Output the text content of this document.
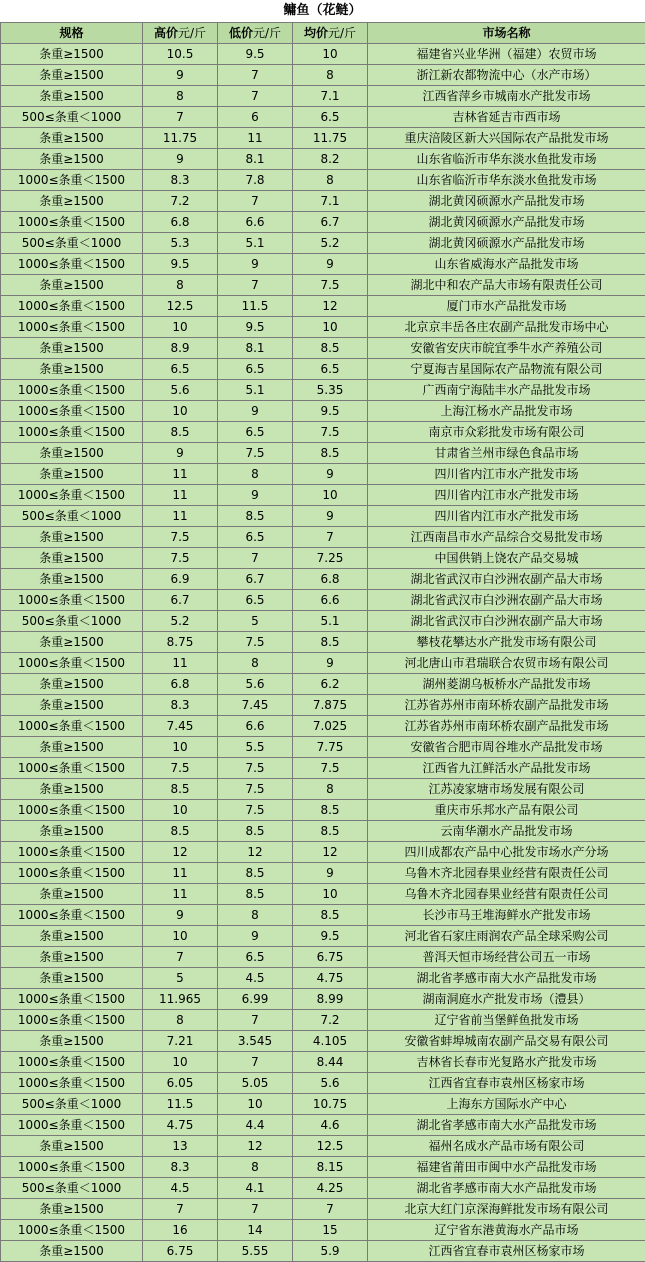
鳙鱼（花鲢）
规格	高价元/斤	低价元/斤	均价元/斤	市场名称
条重≥1500	10.5	9.5	10	福建省兴业华洲（福建）农贸市场
条重≥1500	9	7	8	浙江新农都物流中心（水产市场）
条重≥1500	8	7	7.1	江西省萍乡市城南水产批发市场
500≤条重＜1000	7	6	6.5	吉林省延吉市西市场
条重≥1500	11.75	11	11.75	重庆涪陵区新大兴国际农产品批发市场
条重≥1500	9	8.1	8.2	山东省临沂市华东淡水鱼批发市场
1000≤条重＜1500	8.3	7.8	8	山东省临沂市华东淡水鱼批发市场
条重≥1500	7.2	7	7.1	湖北黄冈硕源水产品批发市场
1000≤条重＜1500	6.8	6.6	6.7	湖北黄冈硕源水产品批发市场
500≤条重＜1000	5.3	5.1	5.2	湖北黄冈硕源水产品批发市场
1000≤条重＜1500	9.5	9	9	山东省威海水产品批发市场
条重≥1500	8	7	7.5	湖北中和农产品大市场有限责任公司
1000≤条重＜1500	12.5	11.5	12	厦门市水产品批发市场
1000≤条重＜1500	10	9.5	10	北京京丰岳各庄农副产品批发市场中心
条重≥1500	8.9	8.1	8.5	安徽省安庆市皖宜季牛水产养殖公司
条重≥1500	6.5	6.5	6.5	宁夏海吉星国际农产品物流有限公司
1000≤条重＜1500	5.6	5.1	5.35	广西南宁海陆丰水产品批发市场
1000≤条重＜1500	10	9	9.5	上海江杨水产品批发市场
1000≤条重＜1500	8.5	6.5	7.5	南京市众彩批发市场有限公司
条重≥1500	9	7.5	8.5	甘肃省兰州市绿色食品市场
条重≥1500	11	8	9	四川省内江市水产批发市场
1000≤条重＜1500	11	9	10	四川省内江市水产批发市场
500≤条重＜1000	11	8.5	9	四川省内江市水产批发市场
条重≥1500	7.5	6.5	7	江西南昌市水产品综合交易批发市场
条重≥1500	7.5	7	7.25	中国供销上饶农产品交易城
条重≥1500	6.9	6.7	6.8	湖北省武汉市白沙洲农副产品大市场
1000≤条重＜1500	6.7	6.5	6.6	湖北省武汉市白沙洲农副产品大市场
500≤条重＜1000	5.2	5	5.1	湖北省武汉市白沙洲农副产品大市场
条重≥1500	8.75	7.5	8.5	攀枝花攀达水产批发市场有限公司
1000≤条重＜1500	11	8	9	河北唐山市君瑞联合农贸市场有限公司
条重≥1500	6.8	5.6	6.2	湖州菱湖乌板桥水产品批发市场
条重≥1500	8.3	7.45	7.875	江苏省苏州市南环桥农副产品批发市场
1000≤条重＜1500	7.45	6.6	7.025	江苏省苏州市南环桥农副产品批发市场
条重≥1500	10	5.5	7.75	安徽省合肥市周谷堆水产品批发市场
1000≤条重＜1500	7.5	7.5	7.5	江西省九江鲜活水产品批发市场
条重≥1500	8.5	7.5	8	江苏凌家塘市场发展有限公司
1000≤条重＜1500	10	7.5	8.5	重庆市乐邦水产品有限公司
条重≥1500	8.5	8.5	8.5	云南华潮水产品批发市场
1000≤条重＜1500	12	12	12	四川成都农产品中心批发市场水产分场
1000≤条重＜1500	11	8.5	9	乌鲁木齐北园春果业经营有限责任公司
条重≥1500	11	8.5	10	乌鲁木齐北园春果业经营有限责任公司
1000≤条重＜1500	9	8	8.5	长沙市马王堆海鲜水产批发市场
条重≥1500	10	9	9.5	河北省石家庄雨润农产品全球采购公司
条重≥1500	7	6.5	6.75	普洱天恒市场经营公司五一市场
条重≥1500	5	4.5	4.75	湖北省孝感市南大水产品批发市场
1000≤条重＜1500	11.965	6.99	8.99	湖南洞庭水产批发市场（澧县）
1000≤条重＜1500	8	7	7.2	辽宁省前当堡鲜鱼批发市场
条重≥1500	7.21	3.545	4.105	安徽省蚌埠城南农副产品交易有限公司
1000≤条重＜1500	10	7	8.44	吉林省长春市光复路水产批发市场
1000≤条重＜1500	6.05	5.05	5.6	江西省宜春市袁州区杨家市场
500≤条重＜1000	11.5	10	10.75	上海东方国际水产中心
1000≤条重＜1500	4.75	4.4	4.6	湖北省孝感市南大水产品批发市场
条重≥1500	13	12	12.5	福州名成水产品市场有限公司
1000≤条重＜1500	8.3	8	8.15	福建省莆田市闽中水产品批发市场
500≤条重＜1000	4.5	4.1	4.25	湖北省孝感市南大水产品批发市场
条重≥1500	7	7	7	北京大红门京深海鲜批发市场有限公司
1000≤条重＜1500	16	14	15	辽宁省东港黄海水产品市场
条重≥1500	6.75	5.55	5.9	江西省宜春市袁州区杨家市场
